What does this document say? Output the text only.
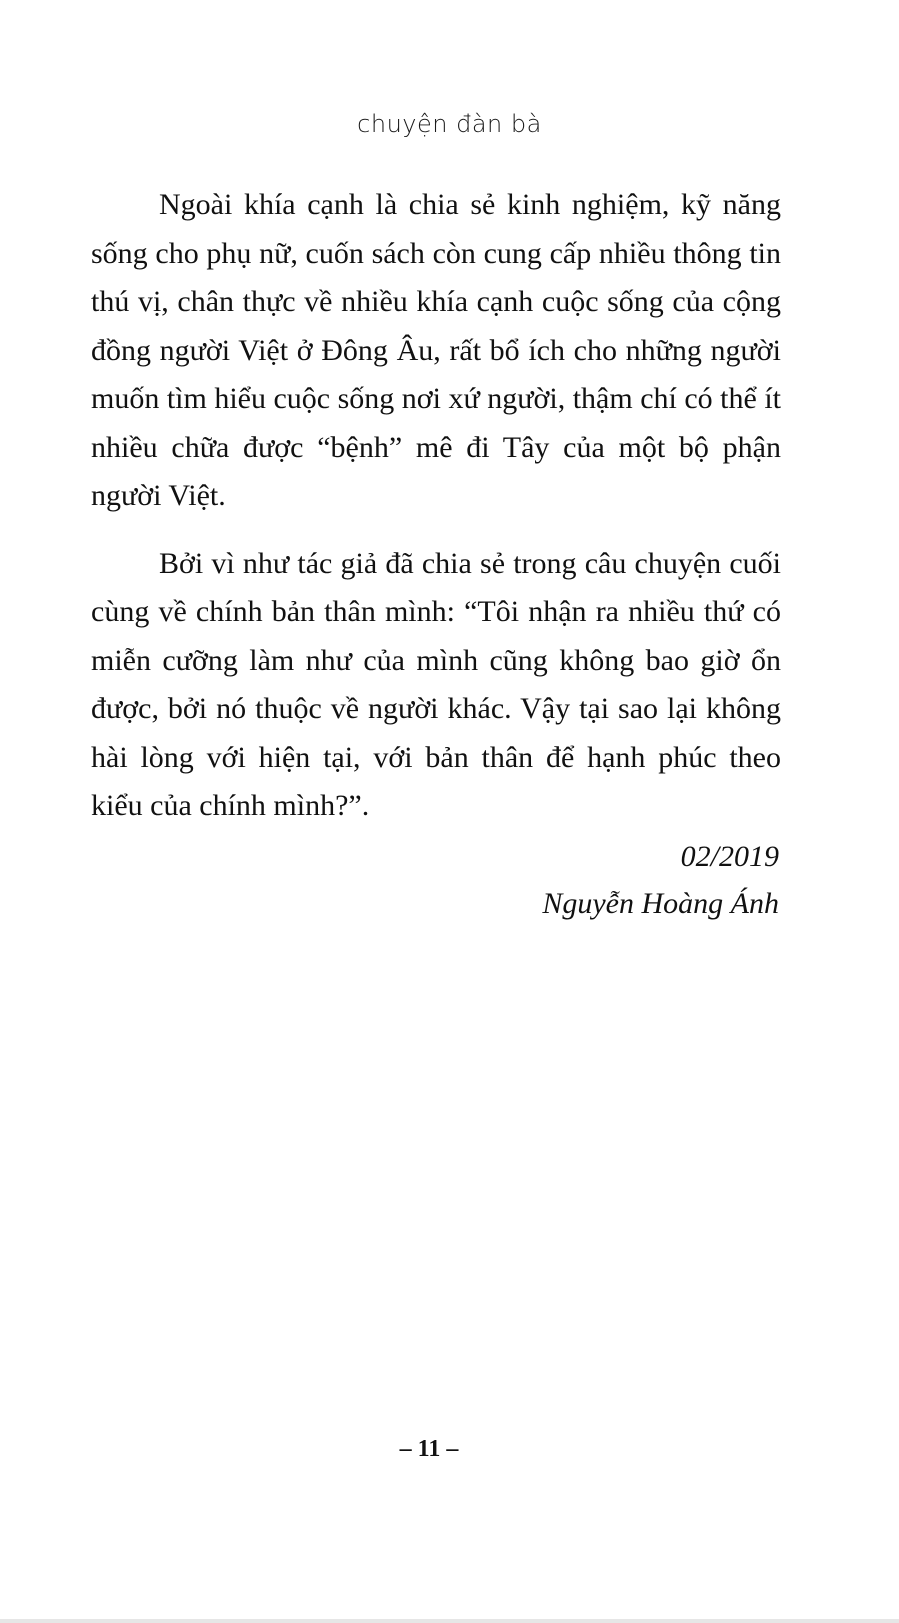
chuyện đàn bà

Ngoài khía cạnh là chia sẻ kinh nghiệm, kỹ năng sống cho phụ nữ, cuốn sách còn cung cấp nhiều thông tin thú vị, chân thực về nhiều khía cạnh cuộc sống của cộng đồng người Việt ở Đông Âu, rất bổ ích cho những người muốn tìm hiểu cuộc sống nơi xứ người, thậm chí có thể ít nhiều chữa được “bệnh” mê đi Tây của một bộ phận người Việt.

Bởi vì như tác giả đã chia sẻ trong câu chuyện cuối cùng về chính bản thân mình: “Tôi nhận ra nhiều thứ có miễn cưỡng làm như của mình cũng không bao giờ ổn được, bởi nó thuộc về người khác. Vậy tại sao lại không hài lòng với hiện tại, với bản thân để hạnh phúc theo kiểu của chính mình?”.

02/2019
Nguyễn Hoàng Ánh
– 11 –
